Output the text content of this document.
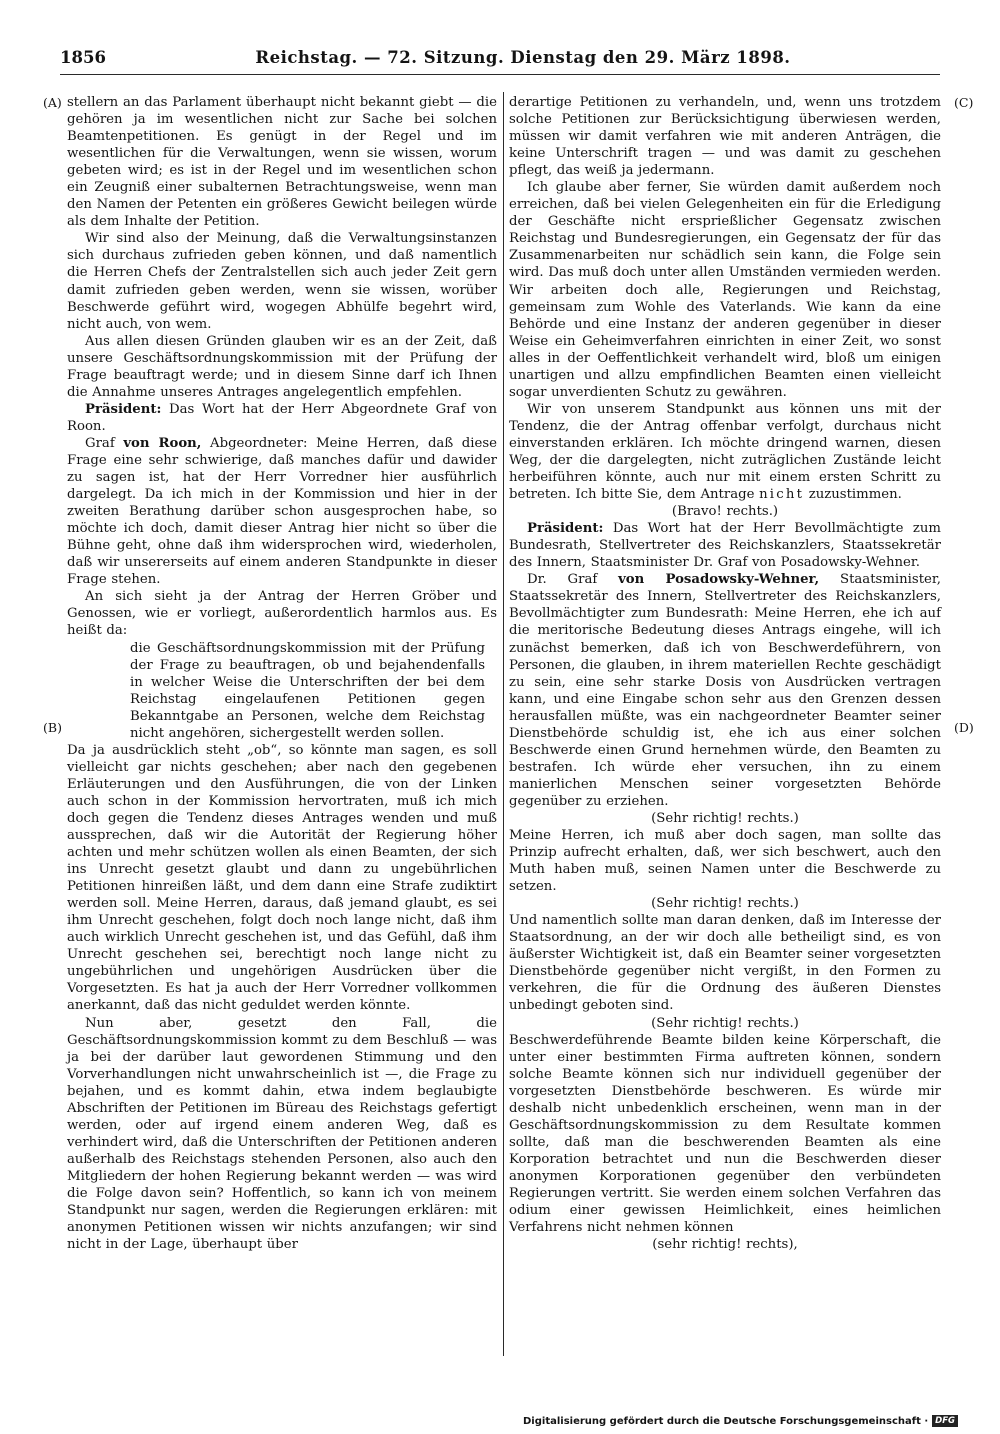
1856	Reichstag. — 72. Sitzung. Dienstag den 29. März 1898.
(A)
(B)
(C)
(D)

stellern an das Parlament überhaupt nicht bekannt giebt — die gehören ja im wesentlichen nicht zur Sache bei solchen Beamtenpetitionen. Es genügt in der Regel und im wesentlichen für die Verwaltungen, wenn sie wissen, worum gebeten wird; es ist in der Regel und im wesentlichen schon ein Zeugniß einer subalternen Betrachtungsweise, wenn man den Namen der Petenten ein größeres Gewicht beilegen würde als dem Inhalte der Petition.

Wir sind also der Meinung, daß die Verwaltungsinstanzen sich durchaus zufrieden geben können, und daß namentlich die Herren Chefs der Zentralstellen sich auch jeder Zeit gern damit zufrieden geben werden, wenn sie wissen, worüber Beschwerde geführt wird, wogegen Abhülfe begehrt wird, nicht auch, von wem.

Aus allen diesen Gründen glauben wir es an der Zeit, daß unsere Geschäftsordnungskommission mit der Prüfung der Frage beauftragt werde; und in diesem Sinne darf ich Ihnen die Annahme unseres Antrages angelegentlich empfehlen.

Präsident: Das Wort hat der Herr Abgeordnete Graf von Roon.

Graf von Roon, Abgeordneter: Meine Herren, daß diese Frage eine sehr schwierige, daß manches dafür und dawider zu sagen ist, hat der Herr Vorredner hier ausführlich dargelegt. Da ich mich in der Kommission und hier in der zweiten Berathung darüber schon ausgesprochen habe, so möchte ich doch, damit dieser Antrag hier nicht so über die Bühne geht, ohne daß ihm widersprochen wird, wiederholen, daß wir unsererseits auf einem anderen Standpunkte in dieser Frage stehen.

An sich sieht ja der Antrag der Herren Gröber und Genossen, wie er vorliegt, außerordentlich harmlos aus. Es heißt da:

die Geschäftsordnungskommission mit der Prüfung der Frage zu beauftragen, ob und bejahendenfalls in welcher Weise die Unterschriften der bei dem Reichstag eingelaufenen Petitionen gegen Bekanntgabe an Personen, welche dem Reichstag nicht angehören, sichergestellt werden sollen.

Da ja ausdrücklich steht „ob“, so könnte man sagen, es soll vielleicht gar nichts geschehen; aber nach den gegebenen Erläuterungen und den Ausführungen, die von der Linken auch schon in der Kommission hervortraten, muß ich mich doch gegen die Tendenz dieses Antrages wenden und muß aussprechen, daß wir die Autorität der Regierung höher achten und mehr schützen wollen als einen Beamten, der sich ins Unrecht gesetzt glaubt und dann zu ungebührlichen Petitionen hinreißen läßt, und dem dann eine Strafe zudiktirt werden soll. Meine Herren, daraus, daß jemand glaubt, es sei ihm Unrecht geschehen, folgt doch noch lange nicht, daß ihm auch wirklich Unrecht geschehen ist, und das Gefühl, daß ihm Unrecht geschehen sei, berechtigt noch lange nicht zu ungebührlichen und ungehörigen Ausdrücken über die Vorgesetzten. Es hat ja auch der Herr Vorredner vollkommen anerkannt, daß das nicht geduldet werden könnte.

Nun aber, gesetzt den Fall, die Geschäftsordnungskommission kommt zu dem Beschluß — was ja bei der darüber laut gewordenen Stimmung und den Vorverhandlungen nicht unwahrscheinlich ist —, die Frage zu bejahen, und es kommt dahin, etwa indem beglaubigte Abschriften der Petitionen im Büreau des Reichstags gefertigt werden, oder auf irgend einem anderen Weg, daß es verhindert wird, daß die Unterschriften der Petitionen anderen außerhalb des Reichstags stehenden Personen, also auch den Mitgliedern der hohen Regierung bekannt werden — was wird die Folge davon sein? Hoffentlich, so kann ich von meinem Standpunkt nur sagen, werden die Regierungen erklären: mit anonymen Petitionen wissen wir nichts anzufangen; wir sind nicht in der Lage, überhaupt über

derartige Petitionen zu verhandeln, und, wenn uns trotzdem solche Petitionen zur Berücksichtigung überwiesen werden, müssen wir damit verfahren wie mit anderen Anträgen, die keine Unterschrift tragen — und was damit zu geschehen pflegt, das weiß ja jedermann.

Ich glaube aber ferner, Sie würden damit außerdem noch erreichen, daß bei vielen Gelegenheiten ein für die Erledigung der Geschäfte nicht ersprießlicher Gegensatz zwischen Reichstag und Bundesregierungen, ein Gegensatz der für das Zusammenarbeiten nur schädlich sein kann, die Folge sein wird. Das muß doch unter allen Umständen vermieden werden. Wir arbeiten doch alle, Regierungen und Reichstag, gemeinsam zum Wohle des Vaterlands. Wie kann da eine Behörde und eine Instanz der anderen gegenüber in dieser Weise ein Geheimverfahren einrichten in einer Zeit, wo sonst alles in der Oeffentlichkeit verhandelt wird, bloß um einigen unartigen und allzu empfindlichen Beamten einen vielleicht sogar unverdienten Schutz zu gewähren.

Wir von unserem Standpunkt aus können uns mit der Tendenz, die der Antrag offenbar verfolgt, durchaus nicht einverstanden erklären. Ich möchte dringend warnen, diesen Weg, der die dargelegten, nicht zuträglichen Zustände leicht herbeiführen könnte, auch nur mit einem ersten Schritt zu betreten. Ich bitte Sie, dem Antrage nicht zuzustimmen.

(Bravo! rechts.)

Präsident: Das Wort hat der Herr Bevollmächtigte zum Bundesrath, Stellvertreter des Reichskanzlers, Staatssekretär des Innern, Staatsminister Dr. Graf von Posadowsky-Wehner.

Dr. Graf von Posadowsky-Wehner, Staatsminister, Staatssekretär des Innern, Stellvertreter des Reichskanzlers, Bevollmächtigter zum Bundesrath: Meine Herren, ehe ich auf die meritorische Bedeutung dieses Antrags eingehe, will ich zunächst bemerken, daß ich von Beschwerdeführern, von Personen, die glauben, in ihrem materiellen Rechte geschädigt zu sein, eine sehr starke Dosis von Ausdrücken vertragen kann, und eine Eingabe schon sehr aus den Grenzen dessen herausfallen müßte, was ein nachgeordneter Beamter seiner Dienstbehörde schuldig ist, ehe ich aus einer solchen Beschwerde einen Grund hernehmen würde, den Beamten zu bestrafen. Ich würde eher versuchen, ihn zu einem manierlichen Menschen seiner vorgesetzten Behörde gegenüber zu erziehen.

(Sehr richtig! rechts.)

Meine Herren, ich muß aber doch sagen, man sollte das Prinzip aufrecht erhalten, daß, wer sich beschwert, auch den Muth haben muß, seinen Namen unter die Beschwerde zu setzen.

(Sehr richtig! rechts.)

Und namentlich sollte man daran denken, daß im Interesse der Staatsordnung, an der wir doch alle betheiligt sind, es von äußerster Wichtigkeit ist, daß ein Beamter seiner vorgesetzten Dienstbehörde gegenüber nicht vergißt, in den Formen zu verkehren, die für die Ordnung des äußeren Dienstes unbedingt geboten sind.

(Sehr richtig! rechts.)

Beschwerdeführende Beamte bilden keine Körperschaft, die unter einer bestimmten Firma auftreten können, sondern solche Beamte können sich nur individuell gegenüber der vorgesetzten Dienstbehörde beschweren. Es würde mir deshalb nicht unbedenklich erscheinen, wenn man in der Geschäftsordnungskommission zu dem Resultate kommen sollte, daß man die beschwerenden Beamten als eine Korporation betrachtet und nun die Beschwerden dieser anonymen Korporationen gegenüber den verbündeten Regierungen vertritt. Sie werden einem solchen Verfahren das odium einer gewissen Heimlichkeit, eines heimlichen Verfahrens nicht nehmen können

(sehr richtig! rechts),

Digitalisierung gefördert durch die Deutsche Forschungsgemeinschaft · DFG
